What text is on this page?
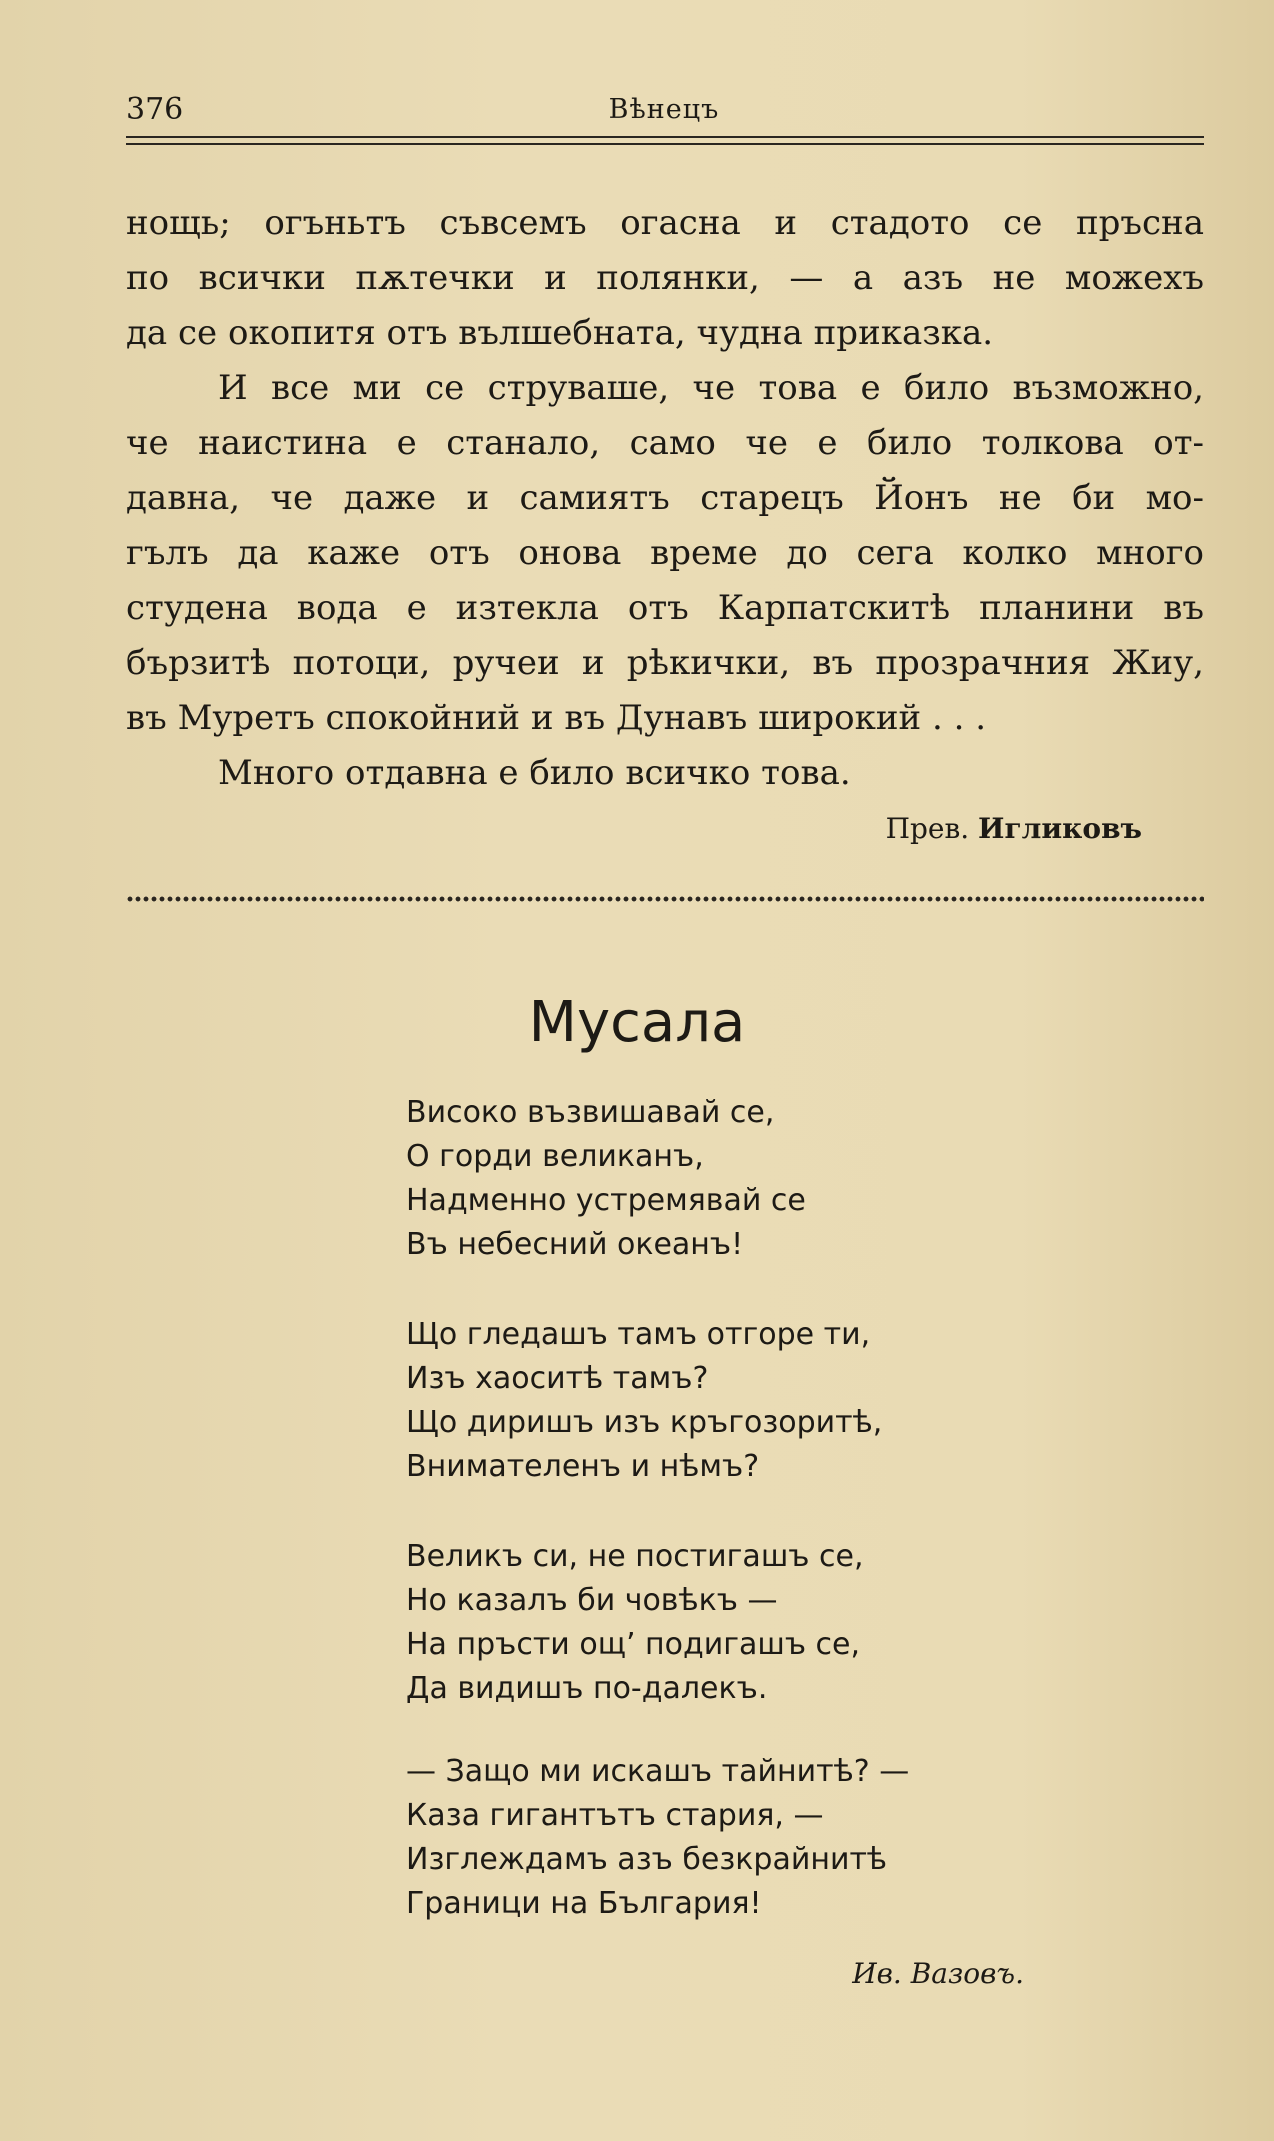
376	Вѣнецъ
нощь; огъньтъ съвсемъ огасна и стадото се пръсна
по всички пѫтечки и полянки, — а азъ не можехъ
да се окопитя отъ вълшебната, чудна приказка.
И все ми се струваше, че това е било възможно,
че наистина е станало, само че е било толкова от-
давна, че даже и самиятъ старецъ Йонъ не би мо-
гълъ да каже отъ онова време до сега колко много
студена вода е изтекла отъ Карпатскитѣ планини въ
бързитѣ потоци, ручеи и рѣкички, въ прозрачния Жиу,
въ Муретъ спокойний и въ Дунавъ широкий . . .
Много отдавна е било всичко това.
Прев. Игликовъ
Мусала
Високо възвишавай се,
О горди великанъ,
Надменно устремявай се
Въ небесний океанъ!
Що гледашъ тамъ отгоре ти,
Изъ хаоситѣ тамъ?
Що диришъ изъ кръгозоритѣ,
Внимателенъ и нѣмъ?
Великъ си, не постигашъ се,
Но казалъ би човѣкъ —
На пръсти ощ’ подигашъ се,
Да видишъ по-далекъ.
— Защо ми искашъ тайнитѣ? —
Каза гигантътъ стария, —
Изглеждамъ азъ безкрайнитѣ
Граници на България!
Ив. Вазовъ.
